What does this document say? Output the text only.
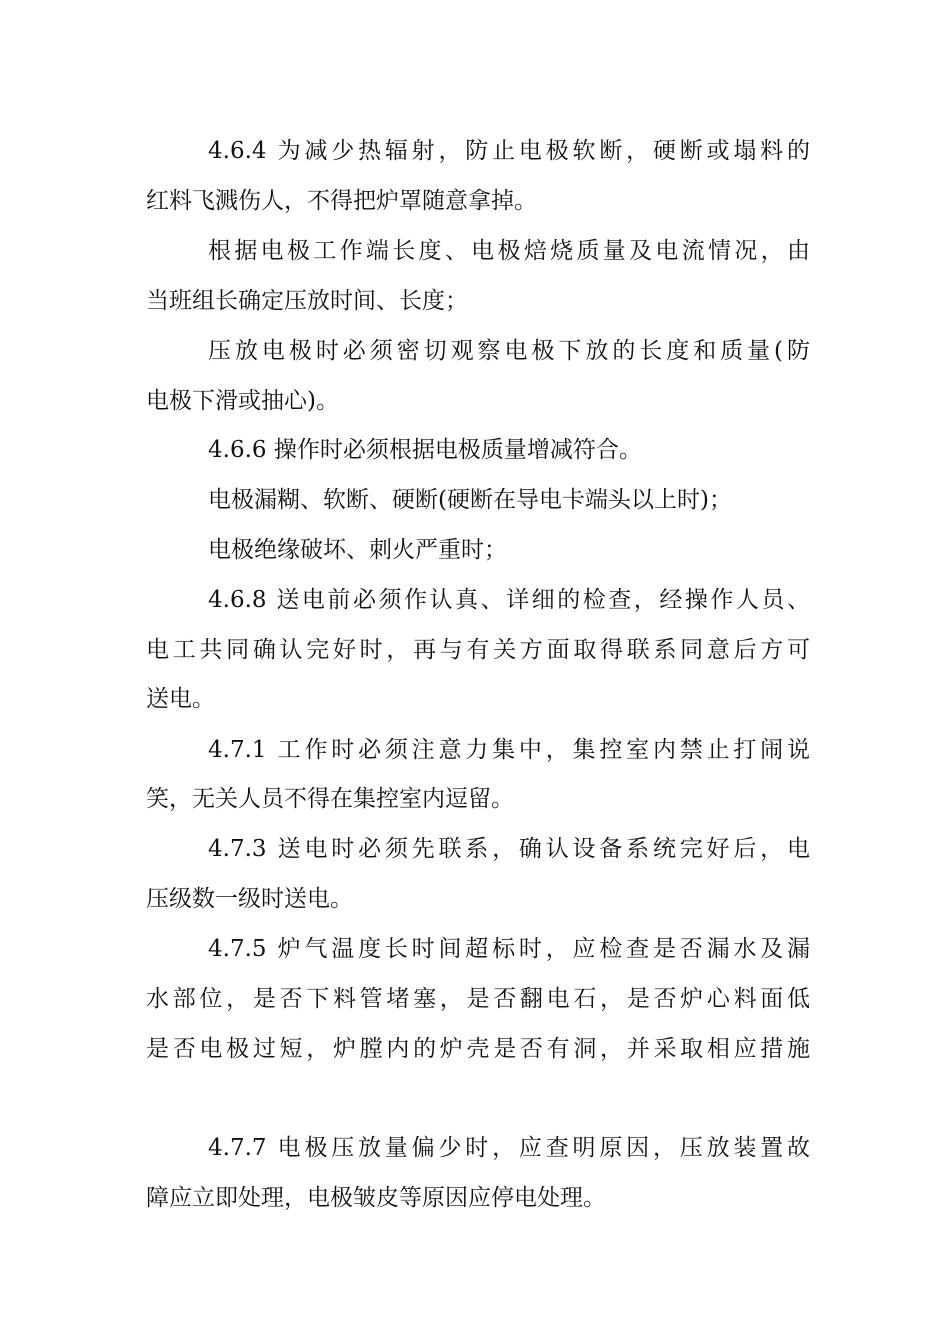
4.6.4 为减少热辐射，防止电极软断，硬断或塌料的
红料飞溅伤人，不得把炉罩随意拿掉。
根据电极工作端长度、电极焙烧质量及电流情况，由
当班组长确定压放时间、长度；
压放电极时必须密切观察电极下放的长度和质量(防
电极下滑或抽心)。
4.6.6 操作时必须根据电极质量增减符合。
电极漏糊、软断、硬断(硬断在导电卡端头以上时)；
电极绝缘破坏、刺火严重时；
4.6.8 送电前必须作认真、详细的检查，经操作人员、
电工共同确认完好时，再与有关方面取得联系同意后方可
送电。
4.7.1 工作时必须注意力集中，集控室内禁止打闹说
笑，无关人员不得在集控室内逗留。
4.7.3 送电时必须先联系，确认设备系统完好后，电
压级数一级时送电。
4.7.5 炉气温度长时间超标时，应检查是否漏水及漏
水部位，是否下料管堵塞，是否翻电石，是否炉心料面低
是否电极过短，炉膛内的炉壳是否有洞，并采取相应措施
4.7.7 电极压放量偏少时，应查明原因，压放装置故
障应立即处理，电极皱皮等原因应停电处理。
